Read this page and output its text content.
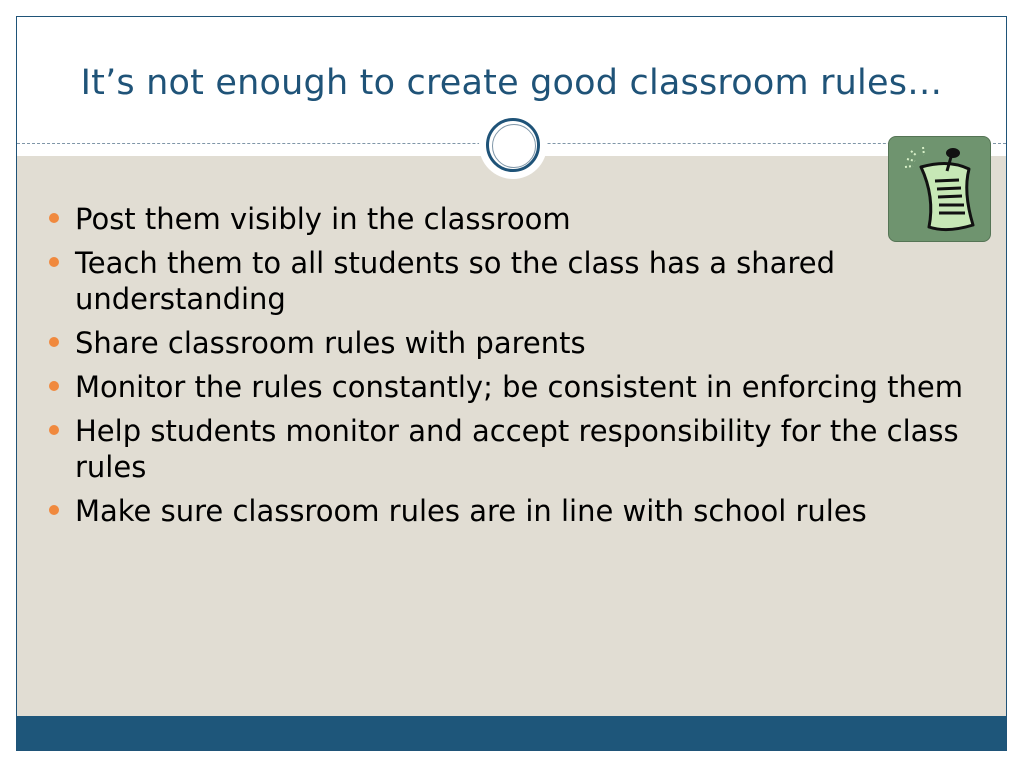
It’s not enough to create good classroom rules…
Post them visibly in the classroom
Teach them to all students so the class has a shared understanding
Share classroom rules with parents
Monitor the rules constantly; be consistent in enforcing them
Help students monitor and accept responsibility for the class rules
Make sure classroom rules are in line with school rules
